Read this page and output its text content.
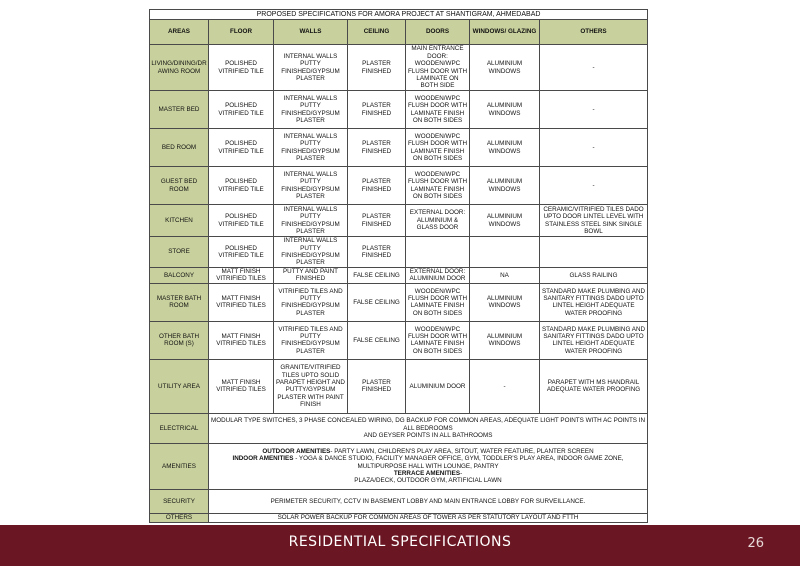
PROPOSED SPECIFICATIONS FOR AMORA PROJECT AT SHANTIGRAM, AHMEDABAD						
AREAS	FLOOR	WALLS	CEILING	DOORS	WINDOWS/ GLAZING	OTHERS
LIVING/DINING/DR AWING ROOM	POLISHED VITRIFIED TILE	INTERNAL WALLS PUTTY FINISHED/GYPSUM PLASTER	PLASTER FINISHED	MAIN ENTRANCE DOOR: WOODEN/WPC FLUSH DOOR WITH LAMINATE ON BOTH SIDE	ALUMINIUM WINDOWS	-
MASTER BED	POLISHED VITRIFIED TILE	INTERNAL WALLS PUTTY FINISHED/GYPSUM PLASTER	PLASTER FINISHED	WOODEN/WPC FLUSH DOOR WITH LAMINATE FINISH ON BOTH SIDES	ALUMINIUM WINDOWS	-
BED ROOM	POLISHED VITRIFIED TILE	INTERNAL WALLS PUTTY FINISHED/GYPSUM PLASTER	PLASTER FINISHED	WOODEN/WPC FLUSH DOOR WITH LAMINATE FINISH ON BOTH SIDES	ALUMINIUM WINDOWS	-
GUEST BED ROOM	POLISHED VITRIFIED TILE	INTERNAL WALLS PUTTY FINISHED/GYPSUM PLASTER	PLASTER FINISHED	WOODEN/WPC FLUSH DOOR WITH LAMINATE FINISH ON BOTH SIDES	ALUMINIUM WINDOWS	-
KITCHEN	POLISHED VITRIFIED TILE	INTERNAL WALLS PUTTY FINISHED/GYPSUM PLASTER	PLASTER FINISHED	EXTERNAL DOOR: ALUMINIUM & GLASS DOOR	ALUMINIUM WINDOWS	CERAMIC/VITRIFIED TILES DADO UPTO DOOR LINTEL LEVEL WITH STAINLESS STEEL SINK SINGLE BOWL
STORE	POLISHED VITRIFIED TILE	INTERNAL WALLS PUTTY FINISHED/GYPSUM PLASTER	PLASTER FINISHED			
BALCONY	MATT FINISH VITRIFIED TILES	PUTTY AND PAINT FINISHED	FALSE CEILING	EXTERNAL DOOR: ALUMINIUM DOOR	NA	GLASS RAILING
MASTER BATH ROOM	MATT FINISH VITRIFIED TILES	VITRIFIED TILES AND PUTTY FINISHED/GYPSUM PLASTER	FALSE CEILING	WOODEN/WPC FLUSH DOOR WITH LAMINATE FINISH ON BOTH SIDES	ALUMINIUM WINDOWS	STANDARD MAKE PLUMBING AND SANITARY FITTINGS DADO UPTO LINTEL HEIGHT ADEQUATE WATER PROOFING
OTHER BATH ROOM (S)	MATT FINISH VITRIFIED TILES	VITRIFIED TILES AND PUTTY FINISHED/GYPSUM PLASTER	FALSE CEILING	WOODEN/WPC FLUSH DOOR WITH LAMINATE FINISH ON BOTH SIDES	ALUMINIUM WINDOWS	STANDARD MAKE PLUMBING AND SANITARY FITTINGS DADO UPTO LINTEL HEIGHT ADEQUATE WATER PROOFING
UTILITY AREA	MATT FINISH VITRIFIED TILES	GRANITE/VITRIFIED TILES UPTO SOLID PARAPET HEIGHT AND PUTTY/GYPSUM PLASTER WITH PAINT FINISH	PLASTER FINISHED	ALUMINIUM DOOR	-	PARAPET WITH MS HANDRAIL ADEQUATE WATER PROOFING
ELECTRICAL	MODULAR TYPE SWITCHES, 3 PHASE CONCEALED WIRING, DG BACKUP FOR COMMON AREAS, ADEQUATE LIGHT POINTS WITH AC POINTS IN ALL BEDROOMS
AND GEYSER POINTS IN ALL BATHROOMS					

AMENITIES	OUTDOOR AMENITIES- PARTY LAWN, CHILDREN'S PLAY AREA, SITOUT, WATER FEATURE, PLANTER SCREEN
INDOOR AMENITIES - YOGA & DANCE STUDIO, FACILITY MANAGER OFFICE, GYM, TODDLER'S PLAY AREA, INDOOR GAME ZONE, MULTIPURPOSE HALL WITH LOUNGE, PANTRY
TERRACE AMENITIES-
PLAZA/DECK, OUTDOOR GYM, ARTIFICIAL LAWN					

SECURITY	PERIMETER SECURITY, CCTV IN BASEMENT LOBBY AND MAIN ENTRANCE LOBBY FOR SURVEILLANCE.					
OTHERS	SOLAR POWER BACKUP FOR COMMON AREAS OF TOWER AS PER STATUTORY LAYOUT AND FTTH					
RESIDENTIAL SPECIFICATIONS	26
